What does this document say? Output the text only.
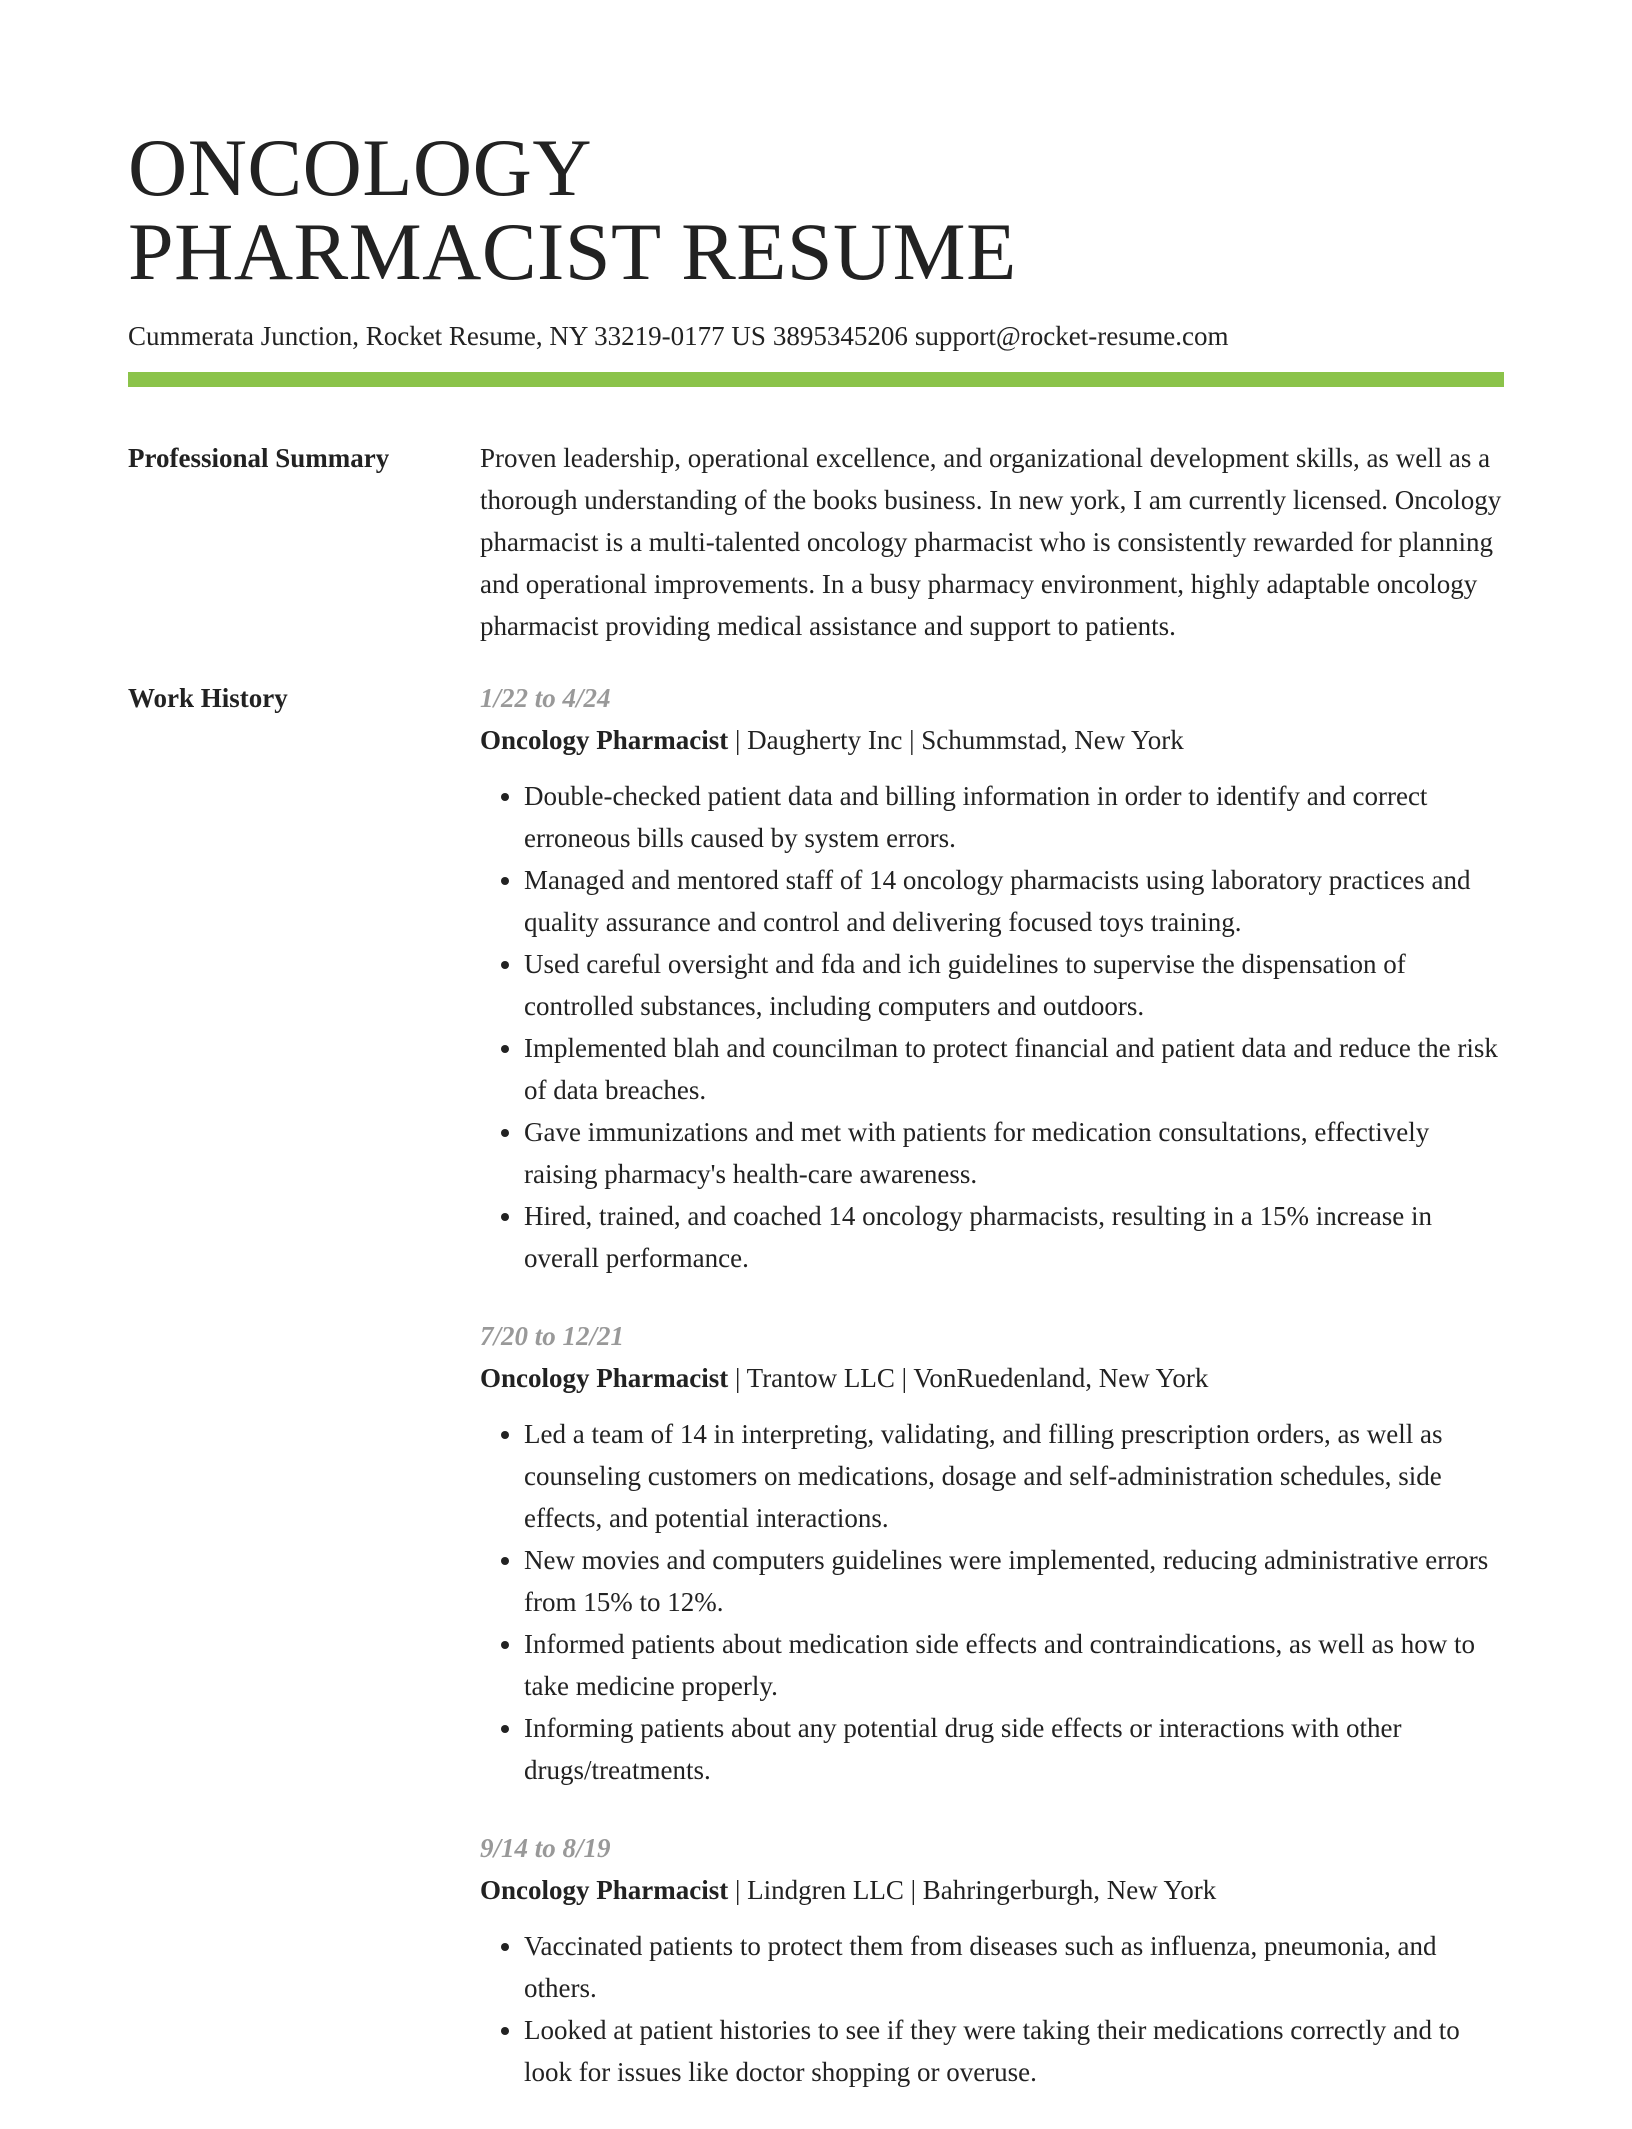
ONCOLOGY
PHARMACIST RESUME
Cummerata Junction, Rocket Resume, NY 33219-0177 US 3895345206 support@rocket-resume.com
Professional Summary	Proven leadership, operational excellence, and organizational development skills, as well as a thorough understanding of the books business. In new york, I am currently licensed. Oncology pharmacist is a multi-talented oncology pharmacist who is consistently rewarded for planning and operational improvements. In a busy pharmacy environment, highly adaptable oncology pharmacist providing medical assistance and support to patients.
Work History	1/22 to 4/24
Oncology Pharmacist | Daugherty Inc | Schummstad, New York
• Double-checked patient data and billing information in order to identify and correct erroneous bills caused by system errors.
• Managed and mentored staff of 14 oncology pharmacists using laboratory practices and quality assurance and control and delivering focused toys training.
• Used careful oversight and fda and ich guidelines to supervise the dispensation of controlled substances, including computers and outdoors.
• Implemented blah and councilman to protect financial and patient data and reduce the risk of data breaches.
• Gave immunizations and met with patients for medication consultations, effectively raising pharmacy's health-care awareness.
• Hired, trained, and coached 14 oncology pharmacists, resulting in a 15% increase in overall performance.
7/20 to 12/21
Oncology Pharmacist | Trantow LLC | VonRuedenland, New York
• Led a team of 14 in interpreting, validating, and filling prescription orders, as well as counseling customers on medications, dosage and self-administration schedules, side effects, and potential interactions.
• New movies and computers guidelines were implemented, reducing administrative errors from 15% to 12%.
• Informed patients about medication side effects and contraindications, as well as how to take medicine properly.
• Informing patients about any potential drug side effects or interactions with other drugs/treatments.
9/14 to 8/19
Oncology Pharmacist | Lindgren LLC | Bahringerburgh, New York
• Vaccinated patients to protect them from diseases such as influenza, pneumonia, and others.
• Looked at patient histories to see if they were taking their medications correctly and to look for issues like doctor shopping or overuse.
